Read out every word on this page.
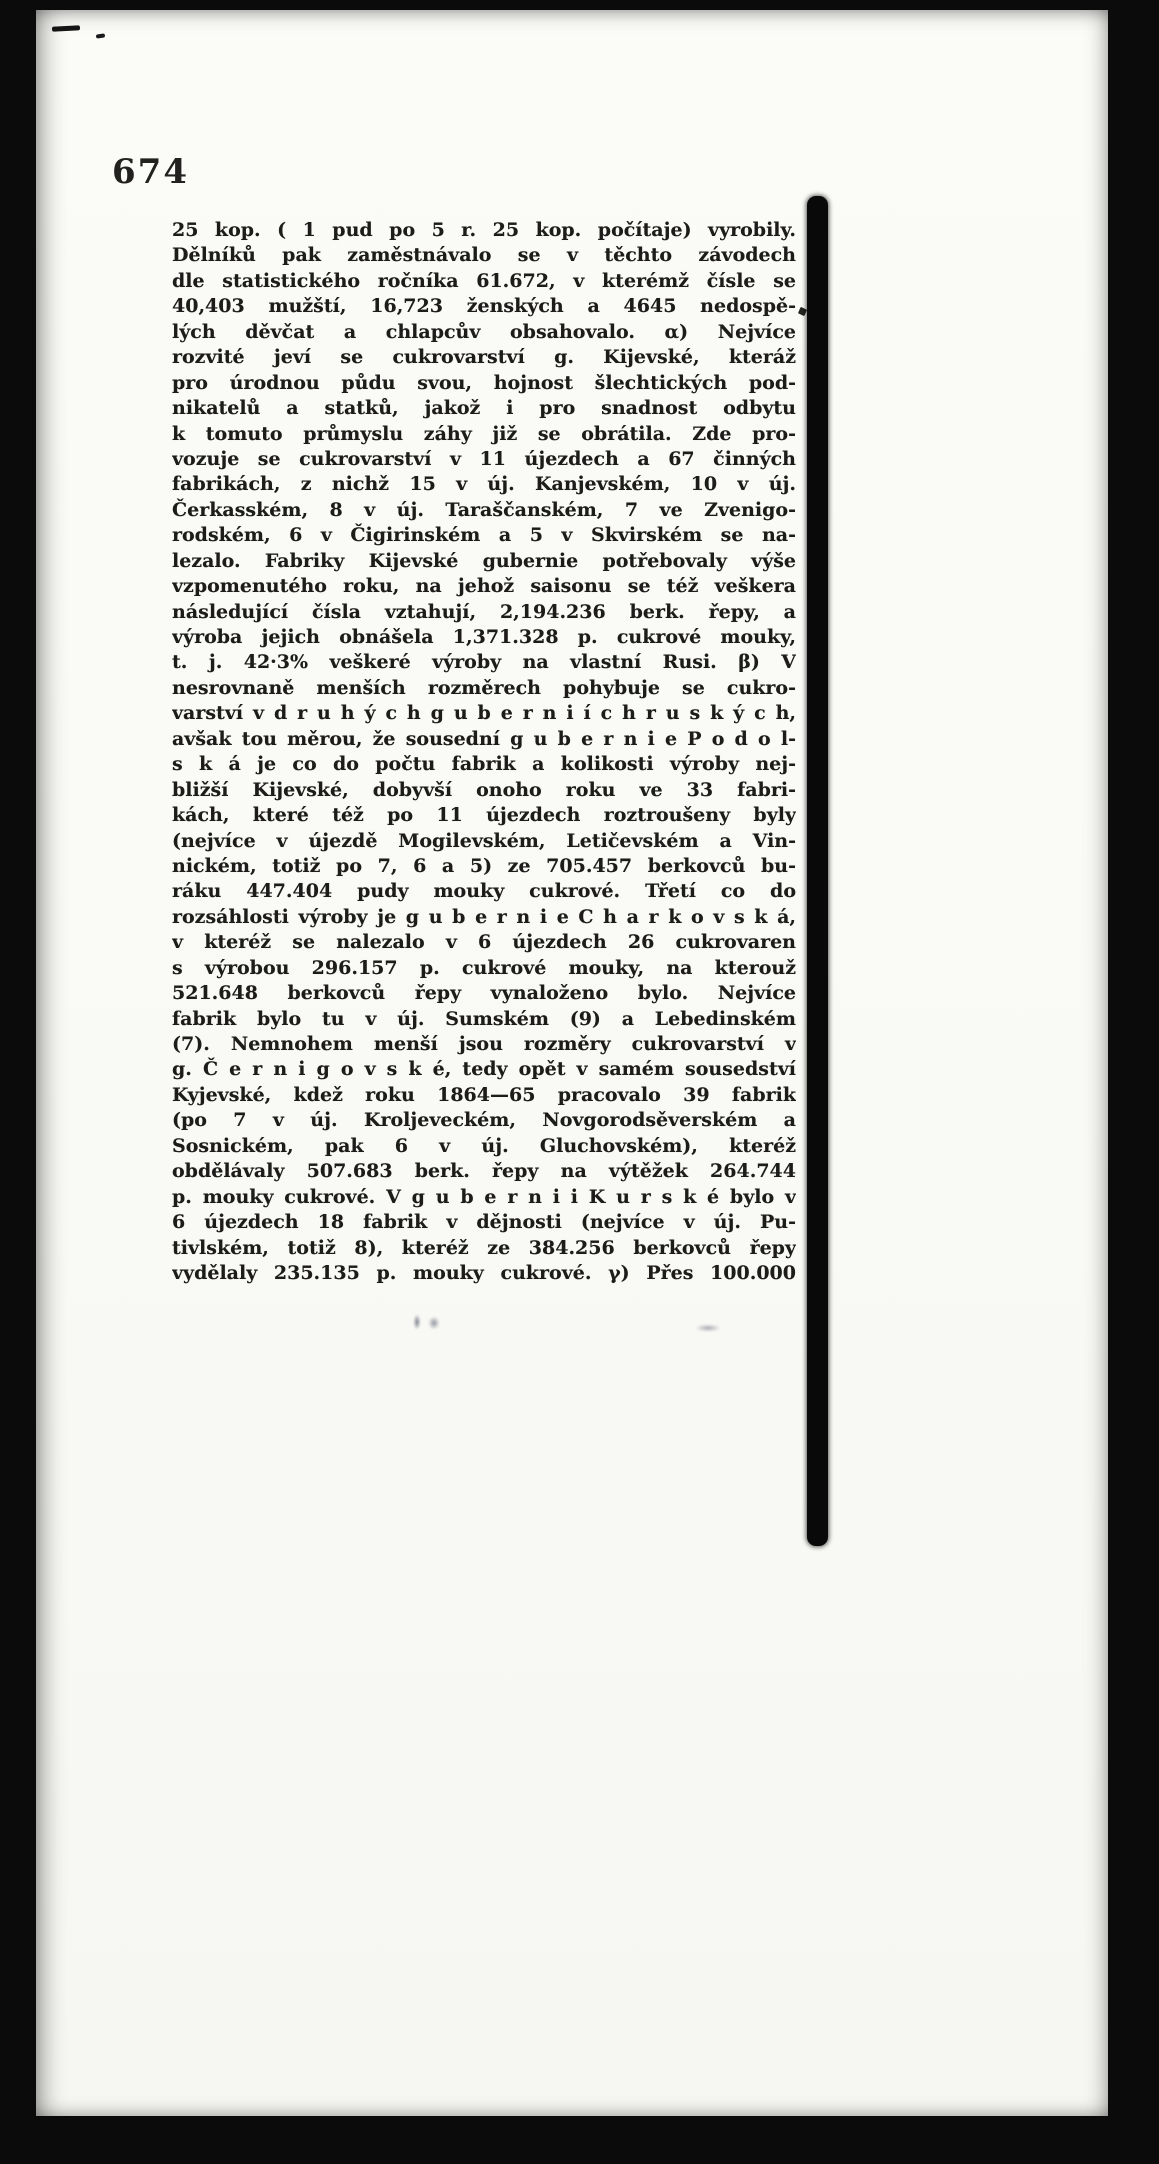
674
25 kop. ( 1 pud po 5 r. 25 kop. počítaje) vyrobily.
Dělníků pak zaměstnávalo se v těchto závodech
dle statistického ročníka 61.672, v kterémž čísle se
40,403 mužští, 16,723 ženských a 4645 nedospě-
lých děvčat a chlapcův obsahovalo. α) Nejvíce
rozvité jeví se cukrovarství g. Kijevské, kteráž
pro úrodnou půdu svou, hojnost šlechtických pod-
nikatelů a statků, jakož i pro snadnost odbytu
k tomuto průmyslu záhy již se obrátila. Zde pro-
vozuje se cukrovarství v 11 újezdech a 67 činných
fabrikách, z nichž 15 v új. Kanjevském, 10 v új.
Čerkasském, 8 v új. Taraščanském, 7 ve Zvenigo-
rodském, 6 v Čigirinském a 5 v Skvirském se na-
lezalo. Fabriky Kijevské gubernie potřebovaly výše
vzpomenutého roku, na jehož saisonu se též veškera
následující čísla vztahují, 2,194.236 berk. řepy, a
výroba jejich obnášela 1,371.328 p. cukrové mouky,
t. j. 42·3% veškeré výroby na vlastní Rusi. β) V
nesrovnaně menších rozměrech pohybuje se cukro-
varství v d r u h ý c h g u b e r n i í c h r u s k ý c h,
avšak tou měrou, že sousední g u b e r n i e P o d o l-
s k á je co do počtu fabrik a kolikosti výroby nej-
bližší Kijevské, dobyvší onoho roku ve 33 fabri-
kách, které též po 11 újezdech roztroušeny byly
(nejvíce v újezdě Mogilevském, Letičevském a Vin-
nickém, totiž po 7, 6 a 5) ze 705.457 berkovců bu-
ráku 447.404 pudy mouky cukrové. Třetí co do
rozsáhlosti výroby je g u b e r n i e C h a r k o v s k á,
v kteréž se nalezalo v 6 újezdech 26 cukrovaren
s výrobou 296.157 p. cukrové mouky, na kterouž
521.648 berkovců řepy vynaloženo bylo. Nejvíce
fabrik bylo tu v új. Sumském (9) a Lebedinském
(7). Nemnohem menší jsou rozměry cukrovarství v
g. Č e r n i g o v s k é, tedy opět v samém sousedství
Kyjevské, kdež roku 1864—65 pracovalo 39 fabrik
(po 7 v új. Kroljeveckém, Novgorodsěverském a
Sosnickém, pak 6 v új. Gluchovském), kteréž
obdělávaly 507.683 berk. řepy na výtěžek 264.744
p. mouky cukrové. V g u b e r n i i K u r s k é bylo v
6 újezdech 18 fabrik v dějnosti (nejvíce v új. Pu-
tivlském, totiž 8), kteréž ze 384.256 berkovců řepy
vydělaly 235.135 p. mouky cukrové. γ) Přes 100.000
